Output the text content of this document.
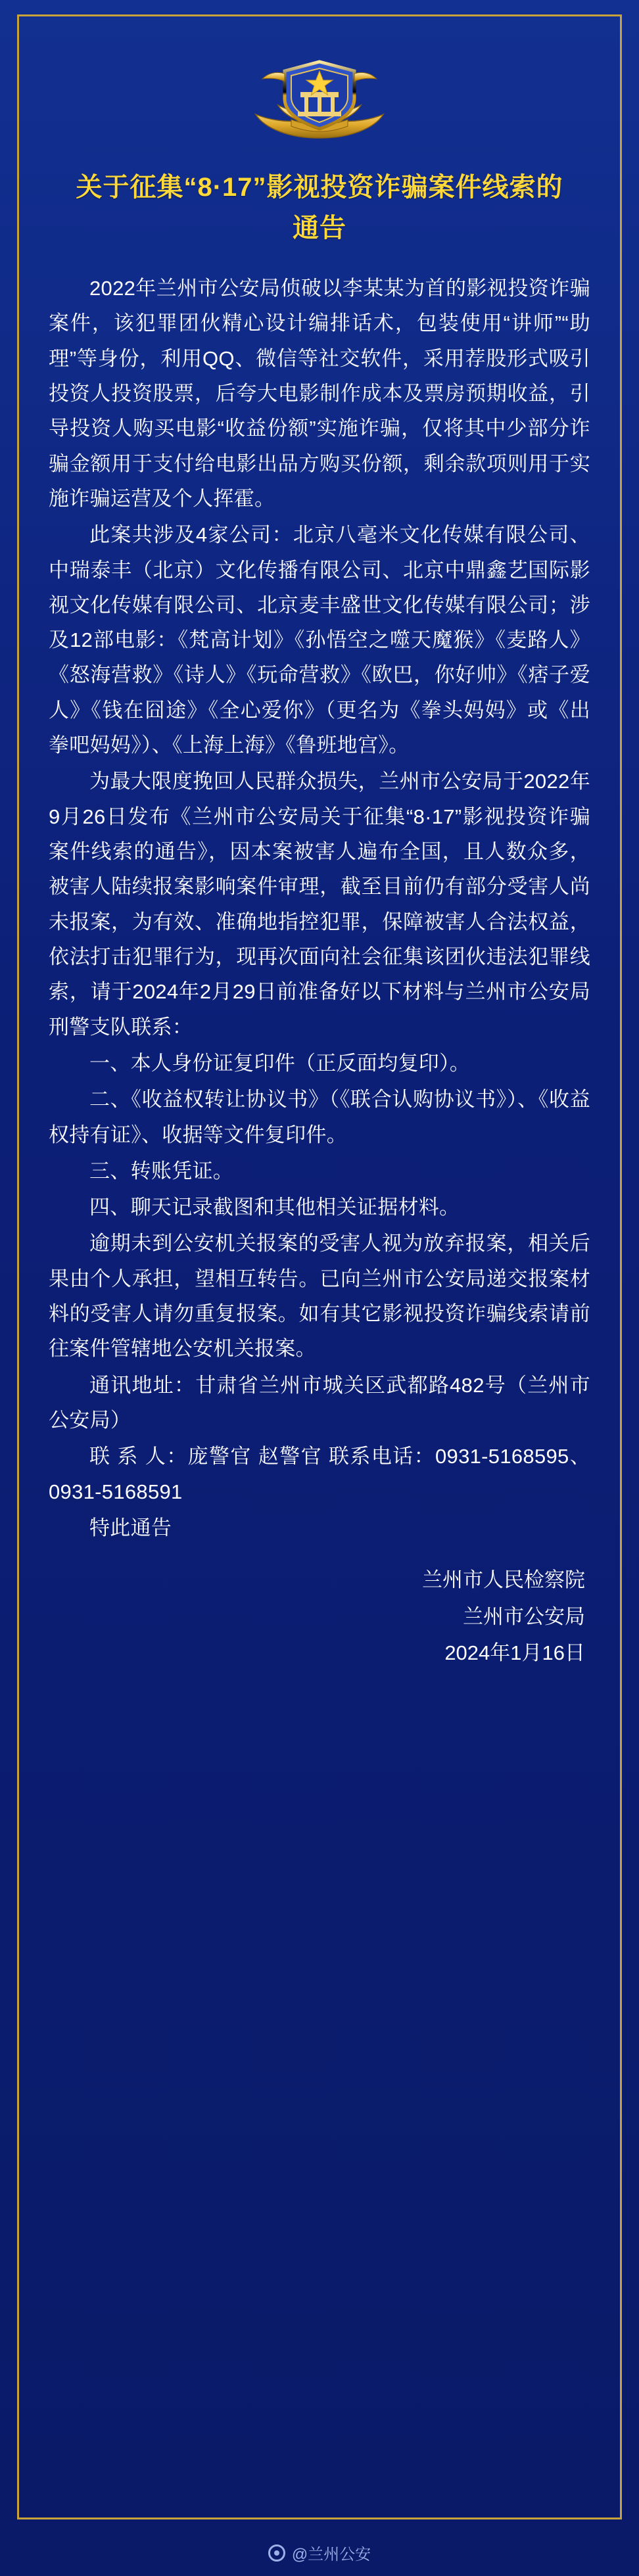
关于征集“8·17”影视投资诈骗案件线索的通告

2022年兰州市公安局侦破以李某某为首的影视投资诈骗案件，该犯罪团伙精心设计编排话术，包装使用“讲师”“助理”等身份，利用QQ、微信等社交软件，采用荐股形式吸引投资人投资股票，后夸大电影制作成本及票房预期收益，引导投资人购买电影“收益份额”实施诈骗，仅将其中少部分诈骗金额用于支付给电影出品方购买份额，剩余款项则用于实施诈骗运营及个人挥霍。

此案共涉及4家公司：北京八毫米文化传媒有限公司、中瑞泰丰（北京）文化传播有限公司、北京中鼎鑫艺国际影视文化传媒有限公司、北京麦丰盛世文化传媒有限公司；涉及12部电影：《梵高计划》《孙悟空之噬天魔猴》《麦路人》《怒海营救》《诗人》《玩命营救》《欧巴，你好帅》《痞子爱人》《钱在囧途》《全心爱你》（更名为《拳头妈妈》或《出拳吧妈妈》）、《上海上海》《鲁班地宫》。

为最大限度挽回人民群众损失，兰州市公安局于2022年9月26日发布《兰州市公安局关于征集“8·17”影视投资诈骗案件线索的通告》，因本案被害人遍布全国，且人数众多，被害人陆续报案影响案件审理，截至目前仍有部分受害人尚未报案，为有效、准确地指控犯罪，保障被害人合法权益，依法打击犯罪行为，现再次面向社会征集该团伙违法犯罪线索，请于2024年2月29日前准备好以下材料与兰州市公安局刑警支队联系：

一、本人身份证复印件（正反面均复印）。

二、《收益权转让协议书》（《联合认购协议书》）、《收益权持有证》、收据等文件复印件。

三、转账凭证。

四、聊天记录截图和其他相关证据材料。

逾期未到公安机关报案的受害人视为放弃报案，相关后果由个人承担，望相互转告。已向兰州市公安局递交报案材料的受害人请勿重复报案。如有其它影视投资诈骗线索请前往案件管辖地公安机关报案。

通讯地址：甘肃省兰州市城关区武都路482号（兰州市公安局）

联 系 人：庞警官 赵警官 联系电话：0931-5168595、0931-5168591

特此通告

兰州市人民检察院
兰州市公安局
2024年1月16日
@兰州公安
